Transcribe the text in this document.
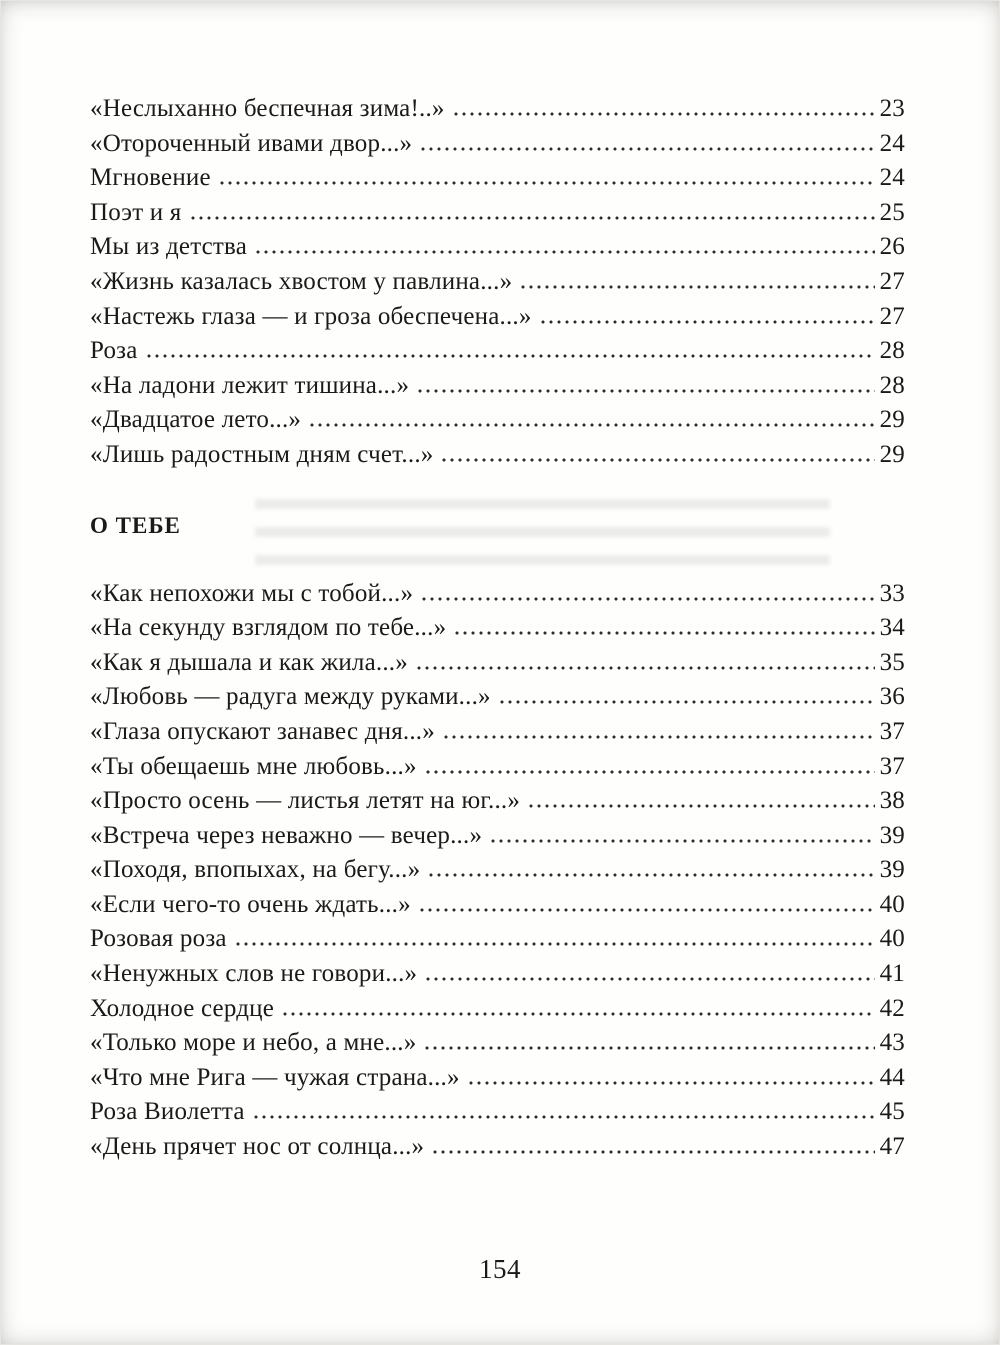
«Неслыханно беспечная зима!..»	23
«Отороченный ивами двор...»	24
Мгновение	24
Поэт и я	25
Мы из детства	26
«Жизнь казалась хвостом у павлина...»	27
«Настежь глаза — и гроза обеспечена...»	27
Роза	28
«На ладони лежит тишина...»	28
«Двадцатое лето...»	29
«Лишь радостным дням счет...»	29
О ТЕБЕ
«Как непохожи мы с тобой...»	33
«На секунду взглядом по тебе...»	34
«Как я дышала и как жила...»	35
«Любовь — радуга между руками...»	36
«Глаза опускают занавес дня...»	37
«Ты обещаешь мне любовь...»	37
«Просто осень — листья летят на юг...»	38
«Встреча через неважно — вечер...»	39
«Походя, впопыхах, на бегу...»	39
«Если чего-то очень ждать...»	40
Розовая роза	40
«Ненужных слов не говори...»	41
Холодное сердце	42
«Только море и небо, а мне...»	43
«Что мне Рига — чужая страна...»	44
Роза Виолетта	45
«День прячет нос от солнца...»	47
154
